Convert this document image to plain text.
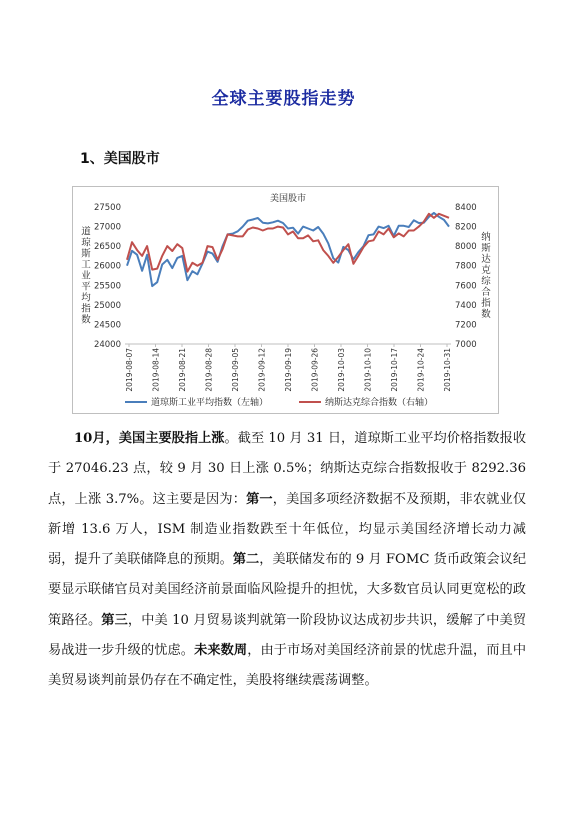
全球主要股指走势
1、美国股市
美国股市
27500
27000
26500
26000
25500
25000
24500
24000
8400
8200
8000
7800
7600
7400
7200
7000
道
琼
斯
工
业
平
均
指
数
纳
斯
达
克
综
合
指
数
2019-08-07 2019-08-14 2019-08-21 2019-08-28 2019-09-05 2019-09-12 2019-09-19 2019-09-26 2019-10-03 2019-10-10 2019-10-17 2019-10-24 2019-10-31
道琼斯工业平均指数（左轴）	纳斯达克综合指数（右轴）
10月，美国主要股指上涨。截至 10 月 31 日，道琼斯工业平均价格指数报收于 27046.23 点，较 9 月 30 日上涨 0.5%；纳斯达克综合指数报收于 8292.36 点，上涨 3.7%。这主要是因为：第一，美国多项经济数据不及预期，非农就业仅新增 13.6 万人，ISM 制造业指数跌至十年低位，均显示美国经济增长动力减弱，提升了美联储降息的预期。第二，美联储发布的 9 月 FOMC 货币政策会议纪要显示联储官员对美国经济前景面临风险提升的担忧，大多数官员认同更宽松的政策路径。第三，中美 10 月贸易谈判就第一阶段协议达成初步共识，缓解了中美贸易战进一步升级的忧虑。未来数周，由于市场对美国经济前景的忧虑升温，而且中美贸易谈判前景仍存在不确定性，美股将继续震荡调整。
